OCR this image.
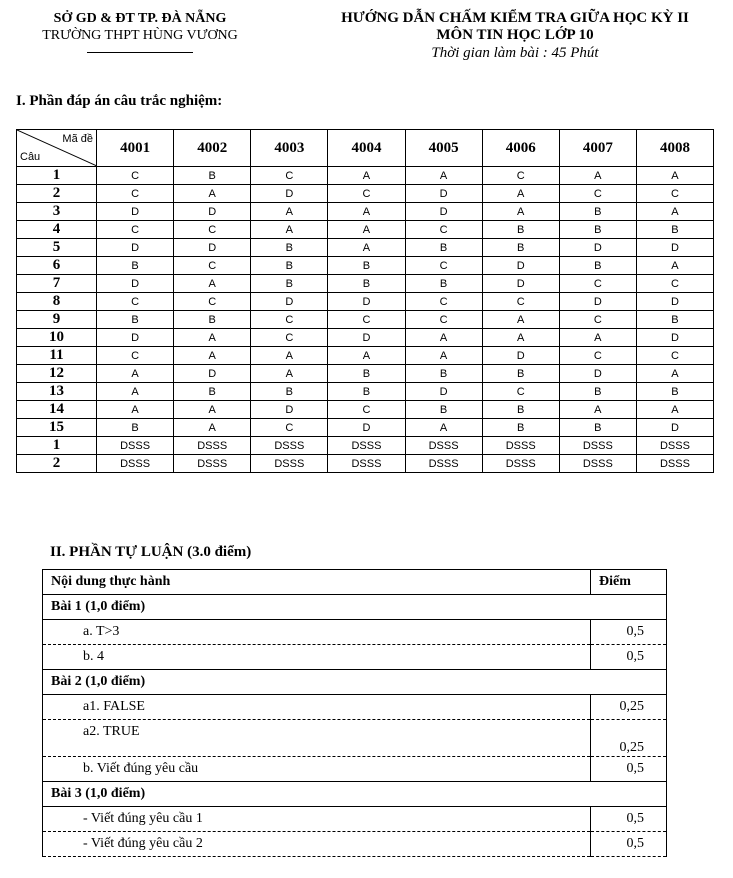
SỞ GD & ĐT TP. ĐÀ NẴNG
TRƯỜNG THPT HÙNG VƯƠNG
HƯỚNG DẪN CHẤM KIỂM TRA GIỮA HỌC KỲ II
MÔN TIN HỌC LỚP 10
Thời gian làm bài : 45 Phút
I. Phần đáp án câu trắc nghiệm:
Mã đề
Câu	4001	4002	4003	4004	4005	4006	4007	4008
1	C	B	C	A	A	C	A	A
2	C	A	D	C	D	A	C	C
3	D	D	A	A	D	A	B	A
4	C	C	A	A	C	B	B	B
5	D	D	B	A	B	B	D	D
6	B	C	B	B	C	D	B	A
7	D	A	B	B	B	D	C	C
8	C	C	D	D	C	C	D	D
9	B	B	C	C	C	A	C	B
10	D	A	C	D	A	A	A	D
11	C	A	A	A	A	D	C	C
12	A	D	A	B	B	B	D	A
13	A	B	B	B	D	C	B	B
14	A	A	D	C	B	B	A	A
15	B	A	C	D	A	B	B	D
1	DSSS	DSSS	DSSS	DSSS	DSSS	DSSS	DSSS	DSSS
2	DSSS	DSSS	DSSS	DSSS	DSSS	DSSS	DSSS	DSSS
II. PHẦN TỰ LUẬN (3.0 điểm)
Nội dung thực hành	Điểm
Bài 1 (1,0 điểm)	
a. T>3	0,5
b. 4	0,5
Bài 2 (1,0 điểm)	
a1. FALSE	0,25
a2. TRUE	0,25
b. Viết đúng yêu cầu	0,5
Bài 3 (1,0 điểm)	
- Viết đúng yêu cầu 1	0,5
- Viết đúng yêu cầu 2	0,5
